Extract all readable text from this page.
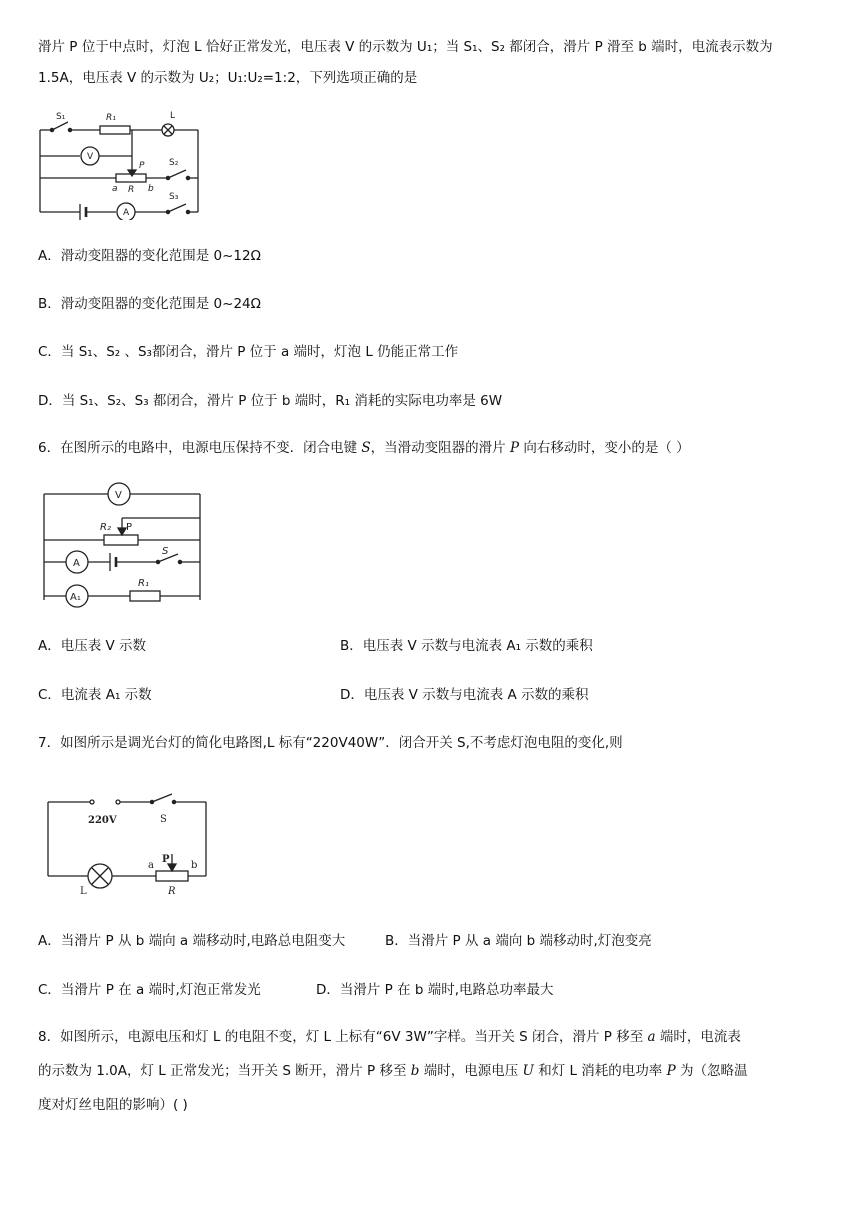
滑片 P 位于中点时，灯泡 L 恰好正常发光，电压表 V 的示数为 U₁；当 S₁、S₂ 都闭合，滑片 P 滑至 b 端时，电流表示数为
1.5A，电压表 V 的示数为 U₂；U₁:U₂=1:2，下列选项正确的是
S₁	R₁	L
V
P	S₂
a R b
S₃
A
A．滑动变阻器的变化范围是 0~12Ω
B．滑动变阻器的变化范围是 0~24Ω
C．当 S₁、S₂ 、S₃都闭合，滑片 P 位于 a 端时，灯泡 L 仍能正常工作
D．当 S₁、S₂、S₃ 都闭合，滑片 P 位于 b 端时，R₁ 消耗的实际电功率是 6W
6．在图所示的电路中，电源电压保持不变．闭合电键 S，当滑动变阻器的滑片 P 向右移动时，变小的是（ ）
V
R₂ P
A
S
A₁
R₁
A．电压表 V 示数	B．电压表 V 示数与电流表 A₁ 示数的乘积
C．电流表 A₁ 示数	D．电压表 V 示数与电流表 A 示数的乘积
7．如图所示是调光台灯的简化电路图,L 标有“220V40W”．闭合开关 S,不考虑灯泡电阻的变化,则
220V	S
P
a	b
L	R
A．当滑片 P 从 b 端向 a 端移动时,电路总电阻变大	B．当滑片 P 从 a 端向 b 端移动时,灯泡变亮
C．当滑片 P 在 a 端时,灯泡正常发光	D．当滑片 P 在 b 端时,电路总功率最大
8．如图所示，电源电压和灯 L 的电阻不变，灯 L 上标有“6V 3W”字样。当开关 S 闭合，滑片 P 移至 a 端时，电流表
的示数为 1.0A，灯 L 正常发光；当开关 S 断开，滑片 P 移至 b 端时，电源电压 U 和灯 L 消耗的电功率 P 为（忽略温
度对灯丝电阻的影响）( )
